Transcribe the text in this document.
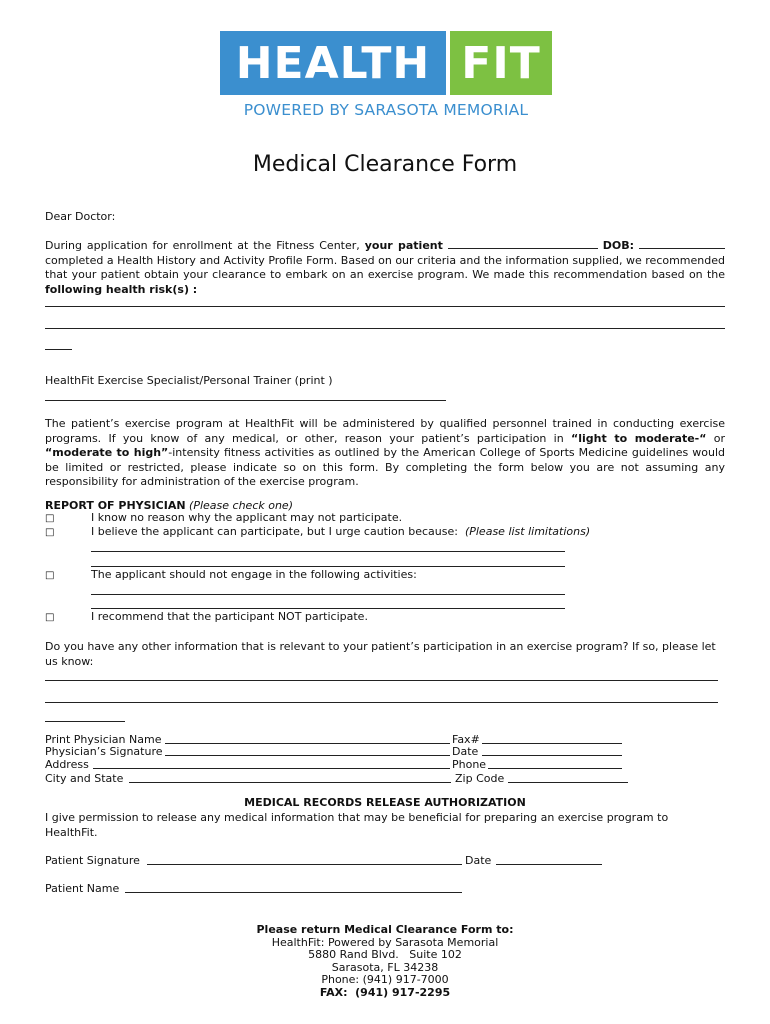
HEALTH FIT
POWERED BY SARASOTA MEMORIAL
Medical Clearance Form
Dear Doctor:
During application for enrollment at the Fitness Center, your patient	DOB:  completed a Health History and Activity Profile Form. Based on our criteria and the information supplied, we recommended that your patient obtain your clearance to embark on an exercise program. We made this recommendation based on the following health risk(s) :
HealthFit Exercise Specialist/Personal Trainer (print )
The patient’s exercise program at HealthFit will be administered by qualified personnel trained in conducting exercise programs. If you know of any medical, or other, reason your patient’s participation in “light to moderate-“ or “moderate to high”-intensity fitness activities as outlined by the American College of Sports Medicine guidelines would be limited or restricted, please indicate so on this form. By completing the form below you are not assuming any responsibility for administration of the exercise program.
REPORT OF PHYSICIAN (Please check one)
□	I know no reason why the applicant may not participate.
□	I believe the applicant can participate, but I urge caution because: (Please list limitations)
□	The applicant should not engage in the following activities:
□	I recommend that the participant NOT participate.
Do you have any other information that is relevant to your patient’s participation in an exercise program? If so, please let us know:
Print Physician Name	Fax#
Physician’s Signature	Date
Address	Phone
City and State	Zip Code
MEDICAL RECORDS RELEASE AUTHORIZATION
I give permission to release any medical information that may be beneficial for preparing an exercise program to HealthFit.
Patient Signature	Date
Patient Name
Please return Medical Clearance Form to:
HealthFit: Powered by Sarasota Memorial
5880 Rand Blvd.   Suite 102
Sarasota, FL 34238
Phone: (941) 917-7000
FAX:  (941) 917-2295
